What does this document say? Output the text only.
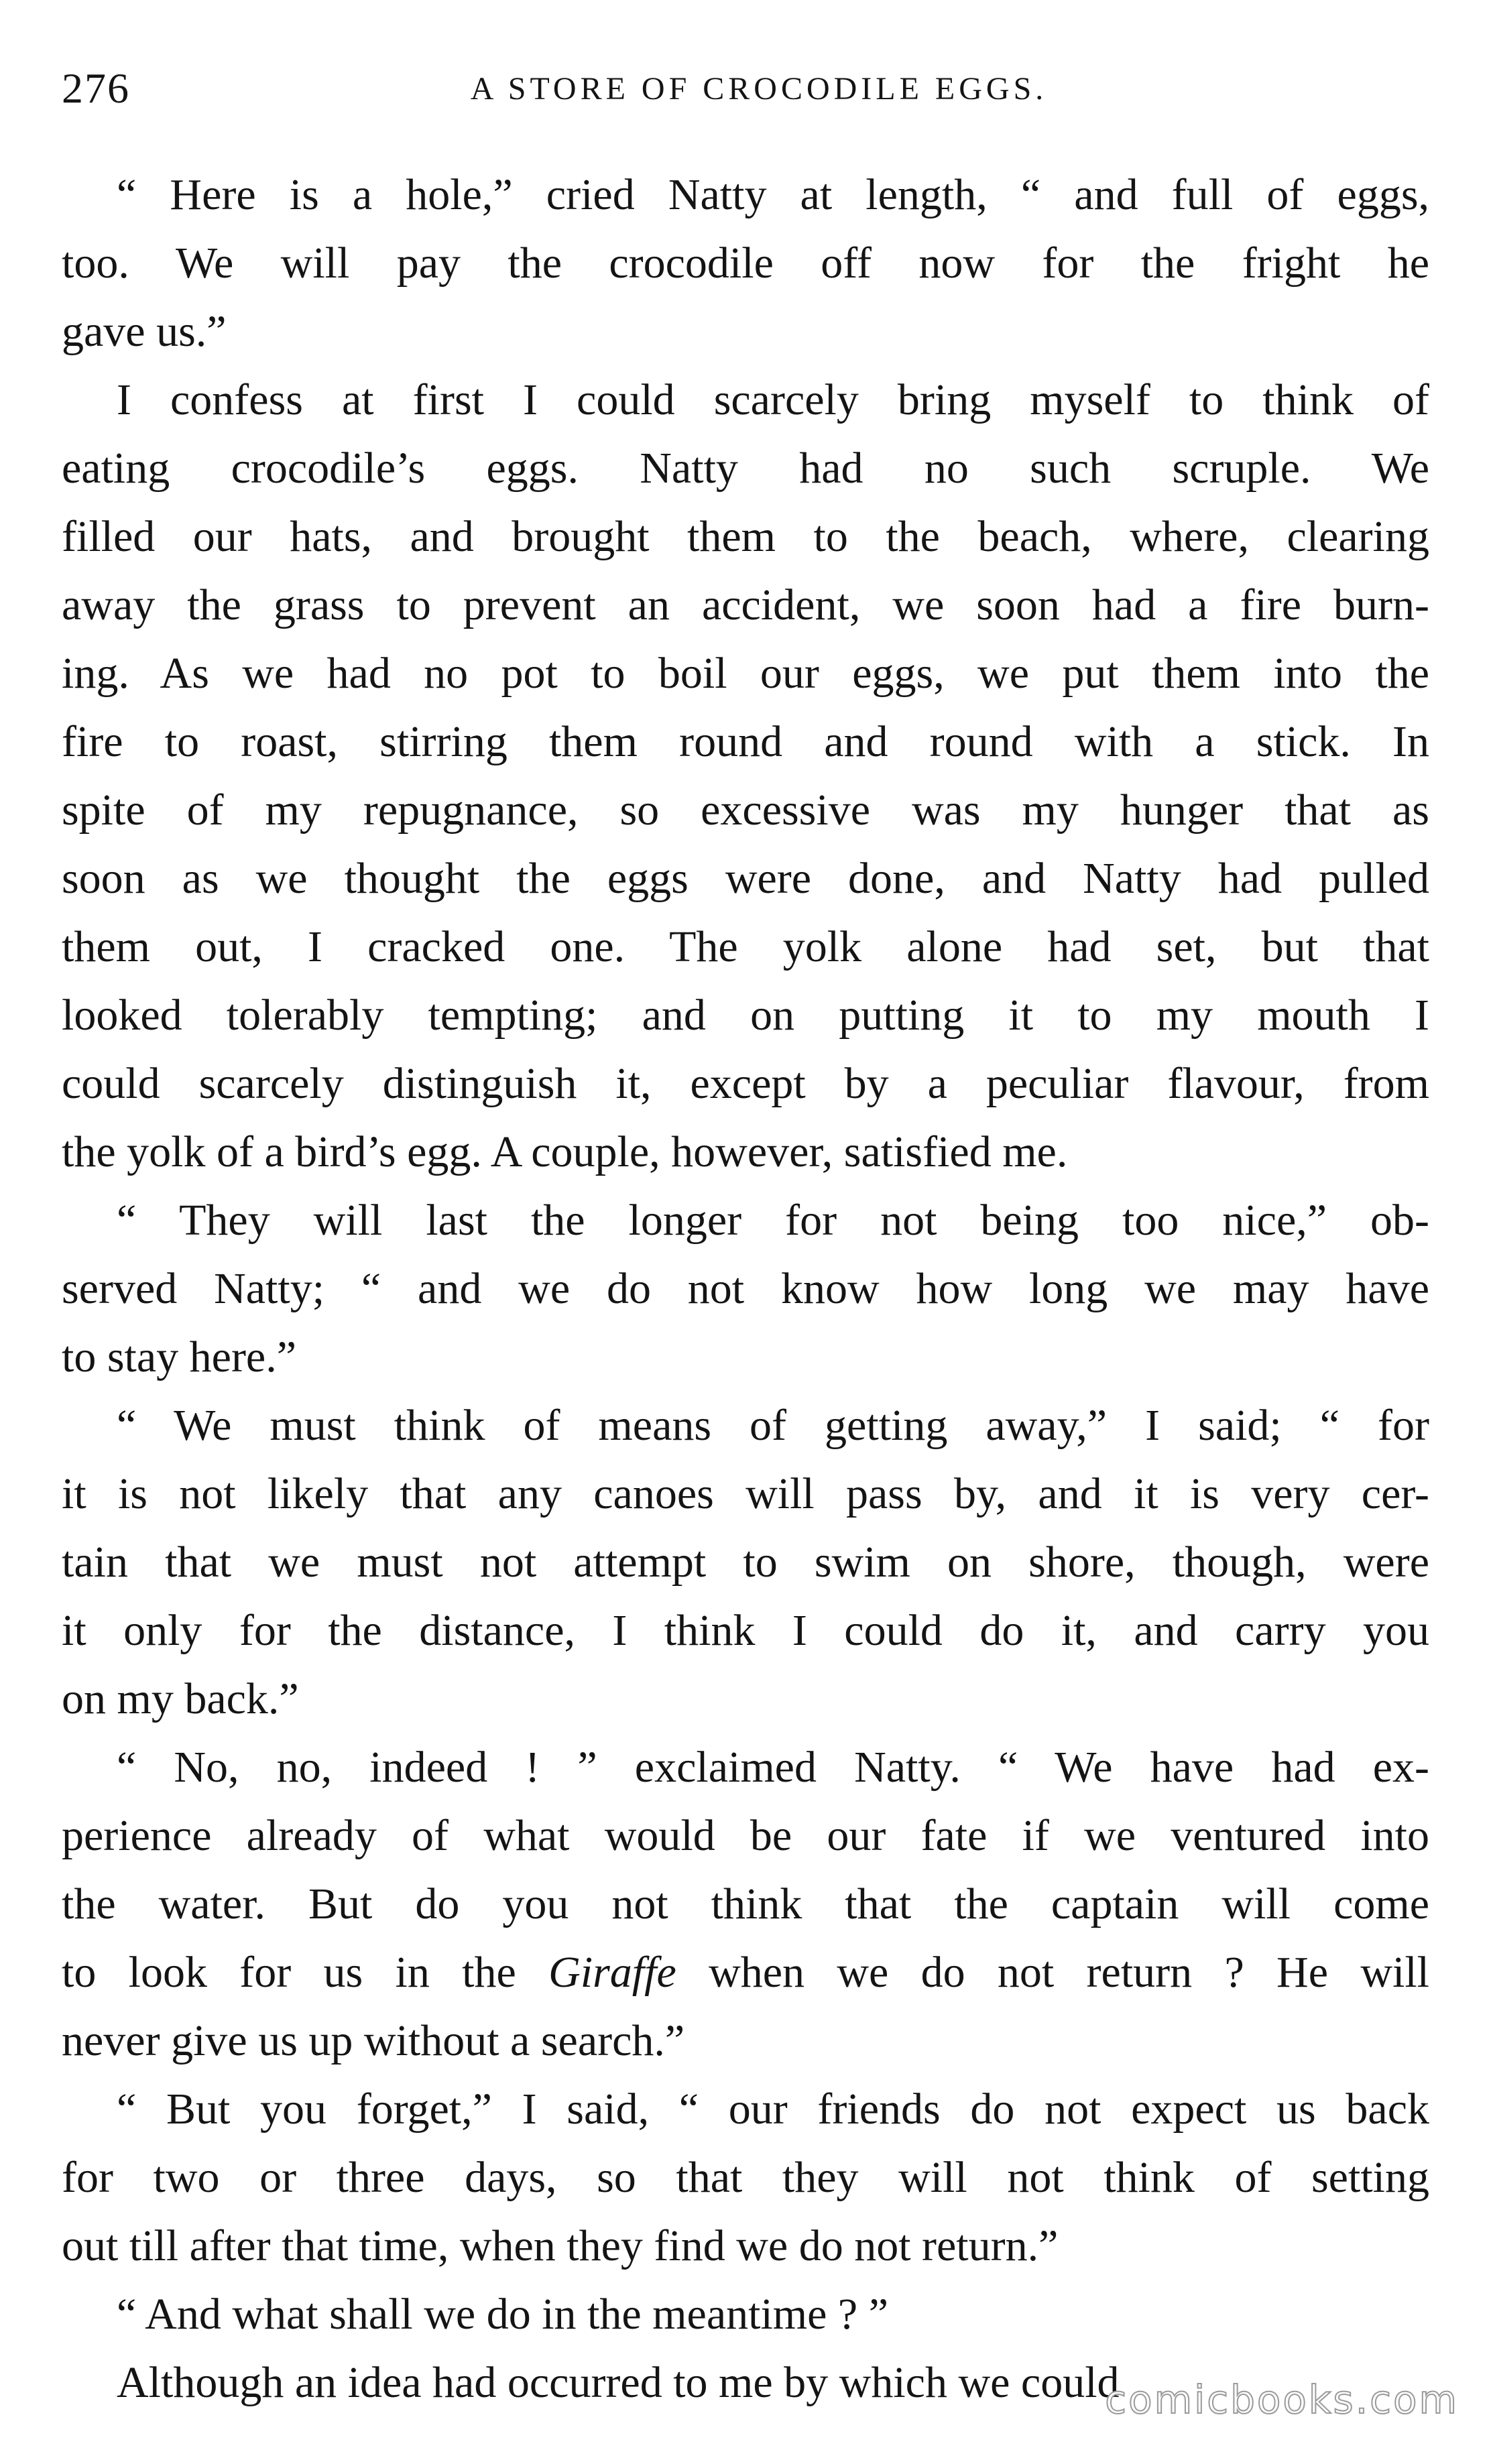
276	A STORE OF CROCODILE EGGS.
“ Here is a hole,” cried Natty at length, “ and full of eggs,
too. We will pay the crocodile off now for the fright he
gave us.”
I confess at first I could scarcely bring myself to think of
eating crocodile’s eggs. Natty had no such scruple. We
filled our hats, and brought them to the beach, where, clearing
away the grass to prevent an accident, we soon had a fire burn-
ing. As we had no pot to boil our eggs, we put them into the
fire to roast, stirring them round and round with a stick. In
spite of my repugnance, so excessive was my hunger that as
soon as we thought the eggs were done, and Natty had pulled
them out, I cracked one. The yolk alone had set, but that
looked tolerably tempting; and on putting it to my mouth I
could scarcely distinguish it, except by a peculiar flavour, from
the yolk of a bird’s egg. A couple, however, satisfied me.
“ They will last the longer for not being too nice,” ob-
served Natty; “ and we do not know how long we may have
to stay here.”
“ We must think of means of getting away,” I said; “ for
it is not likely that any canoes will pass by, and it is very cer-
tain that we must not attempt to swim on shore, though, were
it only for the distance, I think I could do it, and carry you
on my back.”
“ No, no, indeed ! ” exclaimed Natty. “ We have had ex-
perience already of what would be our fate if we ventured into
the water. But do you not think that the captain will come
to look for us in the Giraffe when we do not return ? He will
never give us up without a search.”
“ But you forget,” I said, “ our friends do not expect us back
for two or three days, so that they will not think of setting
out till after that time, when they find we do not return.”
“ And what shall we do in the meantime ? ”
Although an idea had occurred to me by which we could
comicbooks.com
